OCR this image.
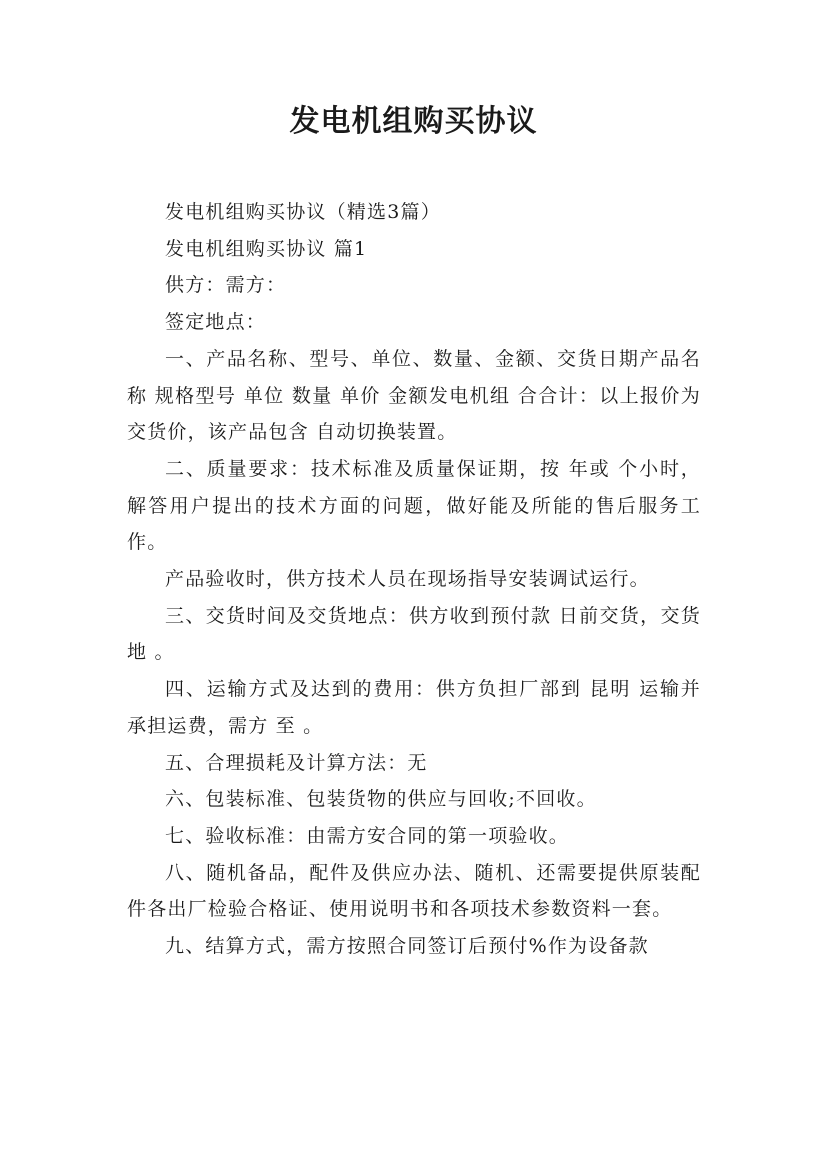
发电机组购买协议

发电机组购买协议（精选3篇）

发电机组购买协议 篇1

供方：需方：

签定地点：

一、产品名称、型号、单位、数量、金额、交货日期产品名称 规格型号 单位 数量 单价 金额发电机组 合合计：以上报价为 交货价，该产品包含 自动切换装置。

二、质量要求：技术标准及质量保证期，按 年或 个小时， 解答用户提出的技术方面的问题，做好能及所能的售后服务工作。

产品验收时，供方技术人员在现场指导安装调试运行。

三、交货时间及交货地点：供方收到预付款 日前交货，交货地 。

四、运输方式及达到的费用：供方负担厂部到 昆明 运输并承担运费，需方 至 。

五、合理损耗及计算方法：无

六、包装标准、包装货物的供应与回收;不回收。

七、验收标准：由需方安合同的第一项验收。

八、随机备品，配件及供应办法、随机、还需要提供原装配件各出厂检验合格证、使用说明书和各项技术参数资料一套。

九、结算方式，需方按照合同签订后预付%作为设备款
